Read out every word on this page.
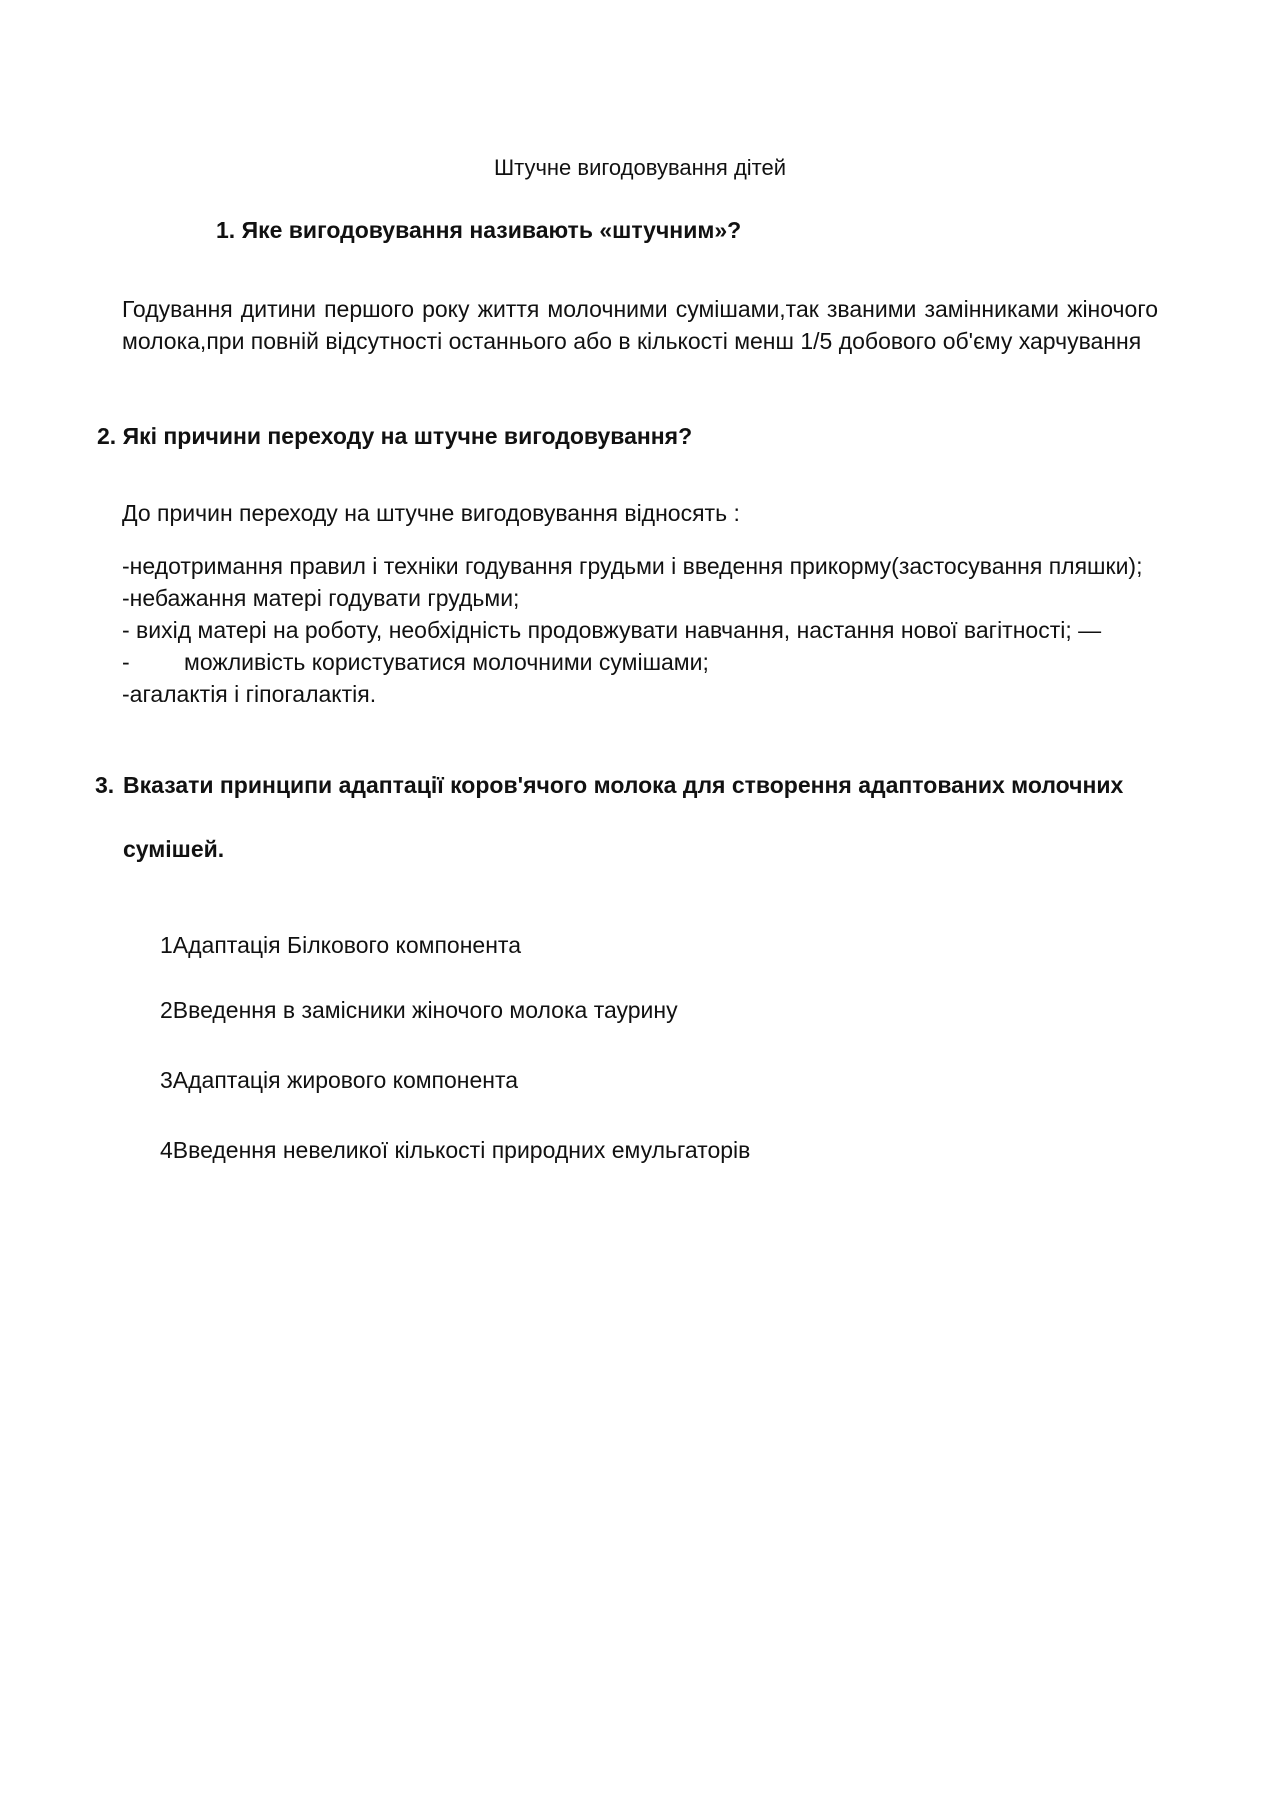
Штучне вигодовування дітей
1. Яке вигодовування називають «штучним»?
Годування дитини першого року життя молочними сумішами,так званими замінниками жіночого молока,при повній відсутності останнього або в кількості менш 1/5 добового об'єму харчування
2. Які причини переходу на штучне вигодовування?
До причин переходу на штучне вигодовування відносять :
-недотримання правил і техніки годування грудьми і введення прикорму(застосування пляшки);
-небажання матері годувати грудьми;
- вихід матері на роботу, необхідність продовжувати навчання, настання нової вагітності; —
- можливість користуватися молочними сумішами;
-агалактія і гіпогалактія.
3. Вказати принципи адаптації коров'ячого молока для створення адаптованих молочних
сумішей.
1Адаптація Білкового компонента
2Введення в замісники жіночого молока таурину
3Адаптація жирового компонента
4Введення невеликої кількості природних емульгаторів
